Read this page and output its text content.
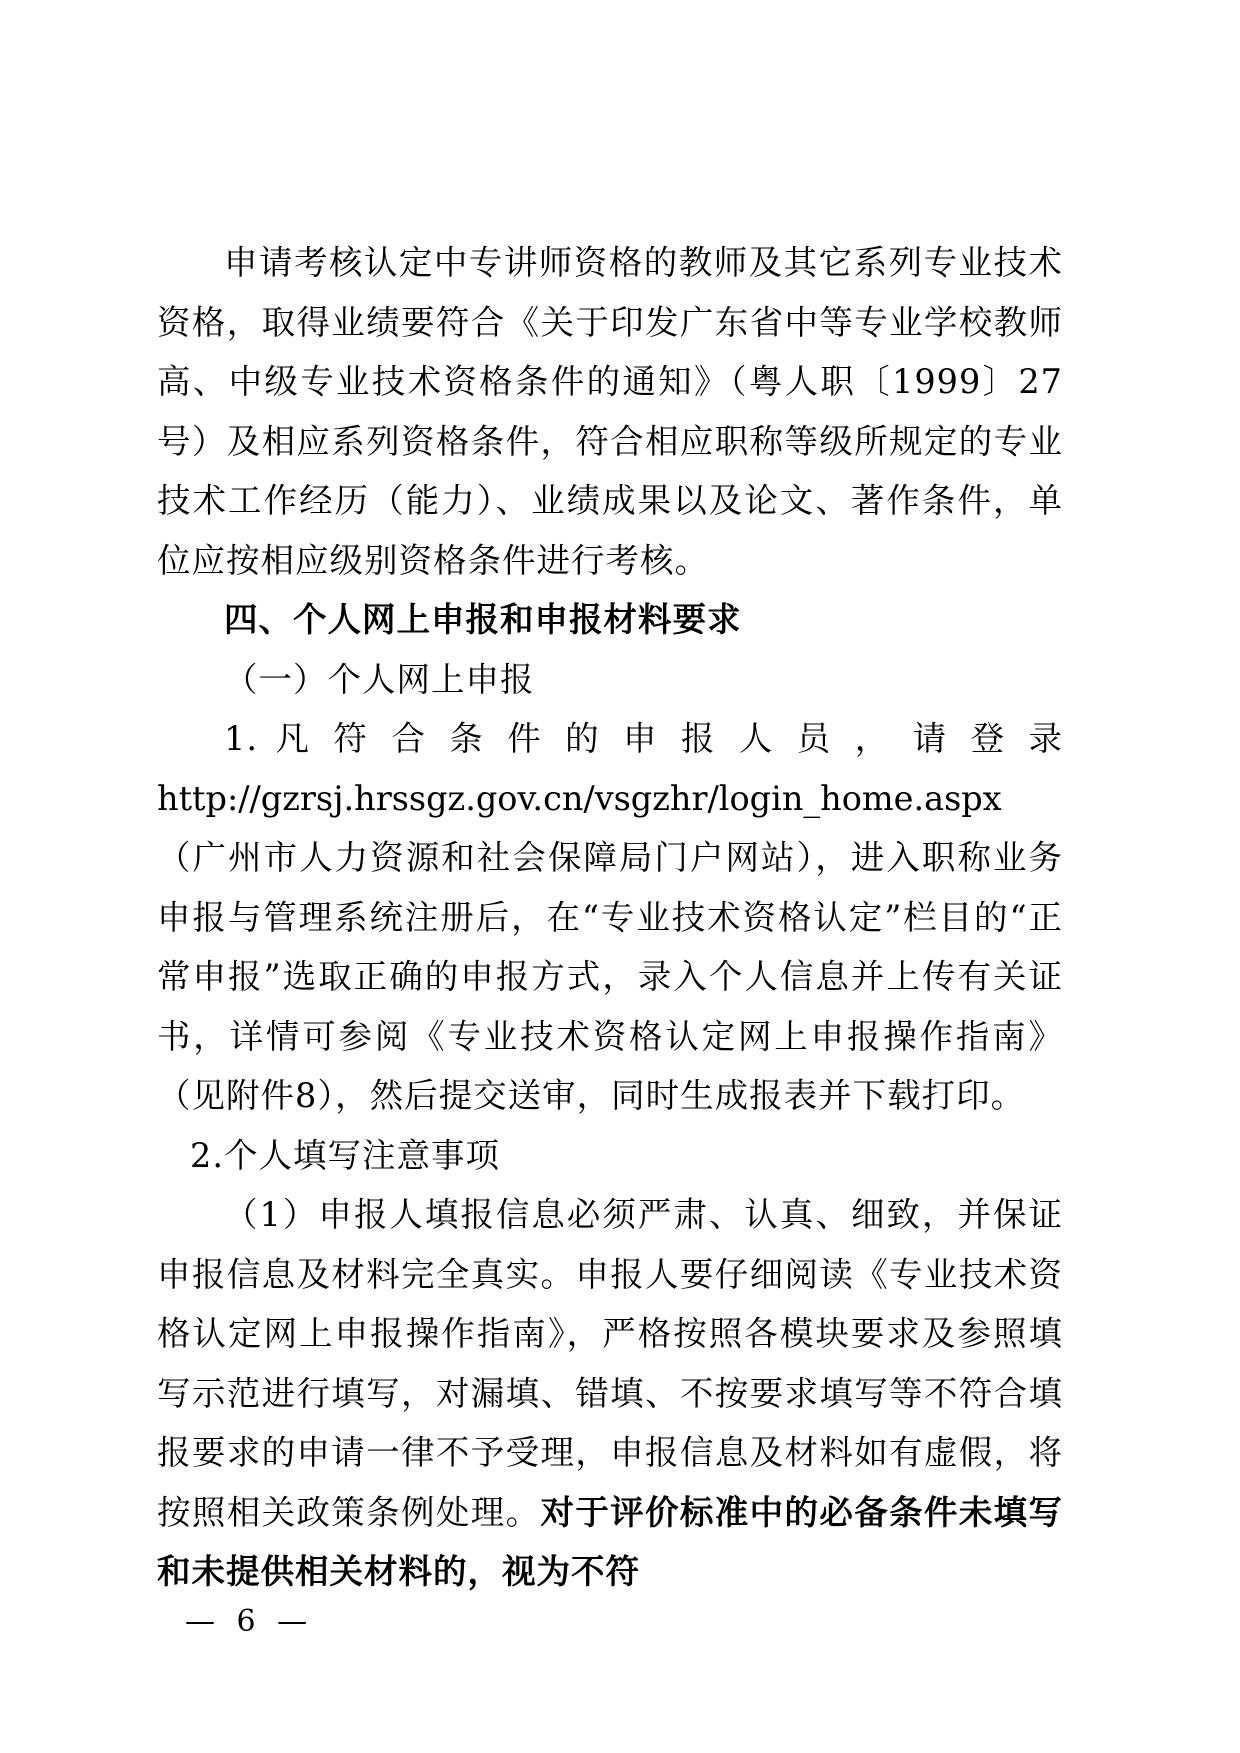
申请考核认定中专讲师资格的教师及其它系列专业技术资格，取得业绩要符合《关于印发广东省中等专业学校教师高、中级专业技术资格条件的通知》（粤人职〔1999〕27号）及相应系列资格条件，符合相应职称等级所规定的专业技术工作经历（能力）、业绩成果以及论文、著作条件，单位应按相应级别资格条件进行考核。

四、个人网上申报和申报材料要求

（一）个人网上申报

1. 凡 符 合 条 件 的 申 报 人 员 ， 请 登 录

http://gzrsj.hrssgz.gov.cn/vsgzhr/login_home.aspx
（广州市人力资源和社会保障局门户网站），进入职称业务申报与管理系统注册后，在“专业技术资格认定”栏目的“正常申报”选取正确的申报方式，录入个人信息并上传有关证书，详情可参阅《专业技术资格认定网上申报操作指南》（见附件8），然后提交送审，同时生成报表并下载打印。

2.个人填写注意事项

（1）申报人填报信息必须严肃、认真、细致，并保证申报信息及材料完全真实。申报人要仔细阅读《专业技术资格认定网上申报操作指南》，严格按照各模块要求及参照填写示范进行填写，对漏填、错填、不按要求填写等不符合填报要求的申请一律不予受理，申报信息及材料如有虚假，将按照相关政策条例处理。对于评价标准中的必备条件未填写和未提供相关材料的，视为不符

— 6 —
